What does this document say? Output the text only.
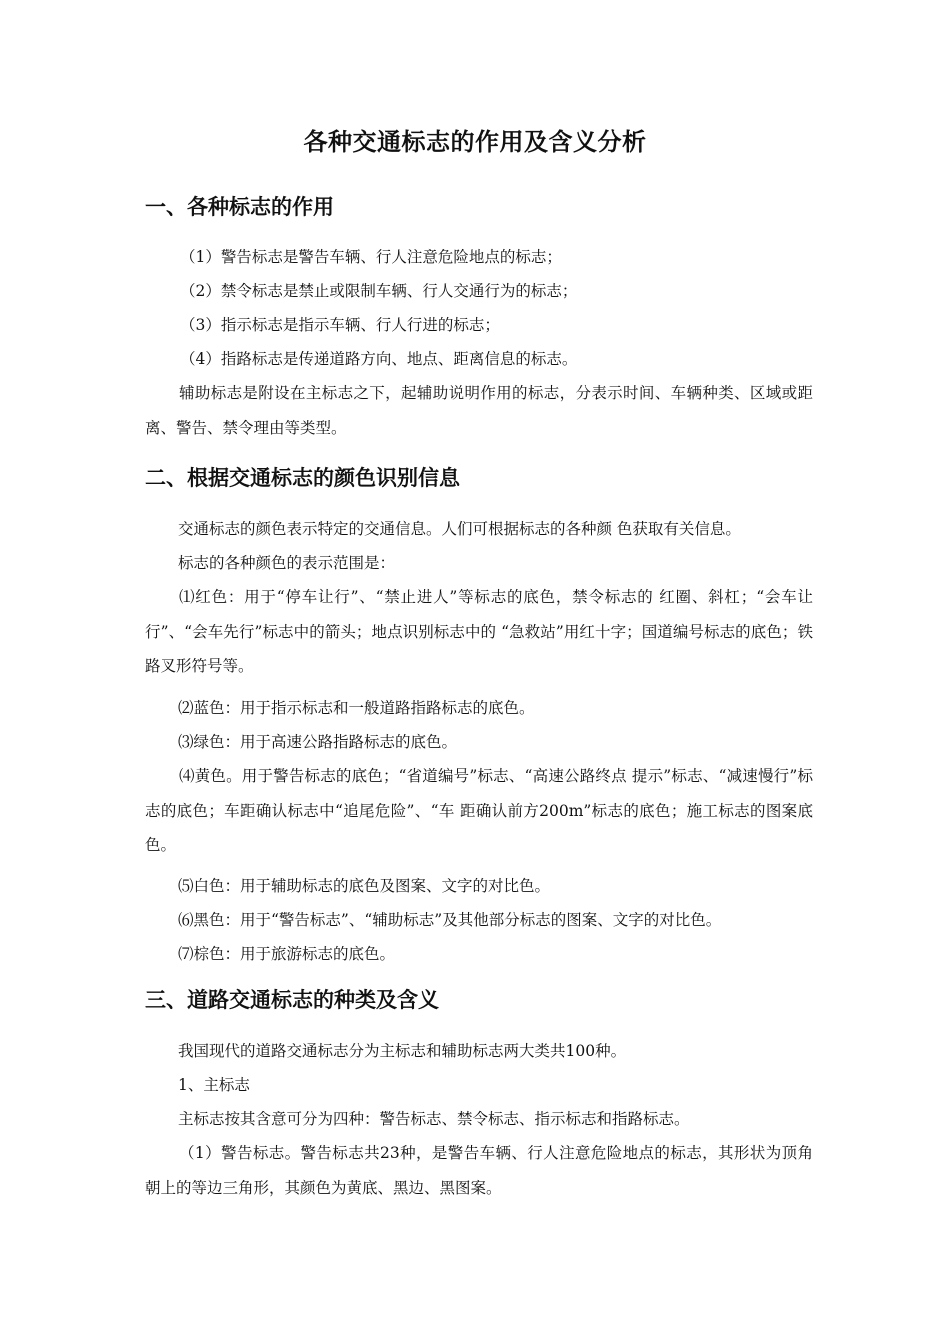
各种交通标志的作用及含义分析
一、各种标志的作用
（1）警告标志是警告车辆、行人注意危险地点的标志；
（2）禁令标志是禁止或限制车辆、行人交通行为的标志；
（3）指示标志是指示车辆、行人行进的标志；
（4）指路标志是传递道路方向、地点、距离信息的标志。
辅助标志是附设在主标志之下，起辅助说明作用的标志，分表示时间、车辆种类、区域或距离、警告、禁令理由等类型。
二、根据交通标志的颜色识别信息
交通标志的颜色表示特定的交通信息。人们可根据标志的各种颜 色获取有关信息。
标志的各种颜色的表示范围是：
⑴红色：用于“停车让行”、“禁止进人”等标志的底色，禁令标志的 红圈、斜杠；“会车让行”、“会车先行”标志中的箭头；地点识别标志中的 “急救站”用红十字；国道编号标志的底色；铁路叉形符号等。
⑵蓝色：用于指示标志和一般道路指路标志的底色。
⑶绿色：用于高速公路指路标志的底色。
⑷黄色。用于警告标志的底色；“省道编号”标志、“高速公路终点 提示”标志、“减速慢行”标志的底色；车距确认标志中“追尾危险”、“车 距确认前方200m”标志的底色；施工标志的图案底色。
⑸白色：用于辅助标志的底色及图案、文字的对比色。
⑹黑色：用于“警告标志”、“辅助标志”及其他部分标志的图案、文字的对比色。
⑺棕色：用于旅游标志的底色。
三、道路交通标志的种类及含义
我国现代的道路交通标志分为主标志和辅助标志两大类共100种。
1、主标志
主标志按其含意可分为四种：警告标志、禁令标志、指示标志和指路标志。
（1）警告标志。警告标志共23种，是警告车辆、行人注意危险地点的标志，其形状为顶角朝上的等边三角形，其颜色为黄底、黑边、黑图案。
